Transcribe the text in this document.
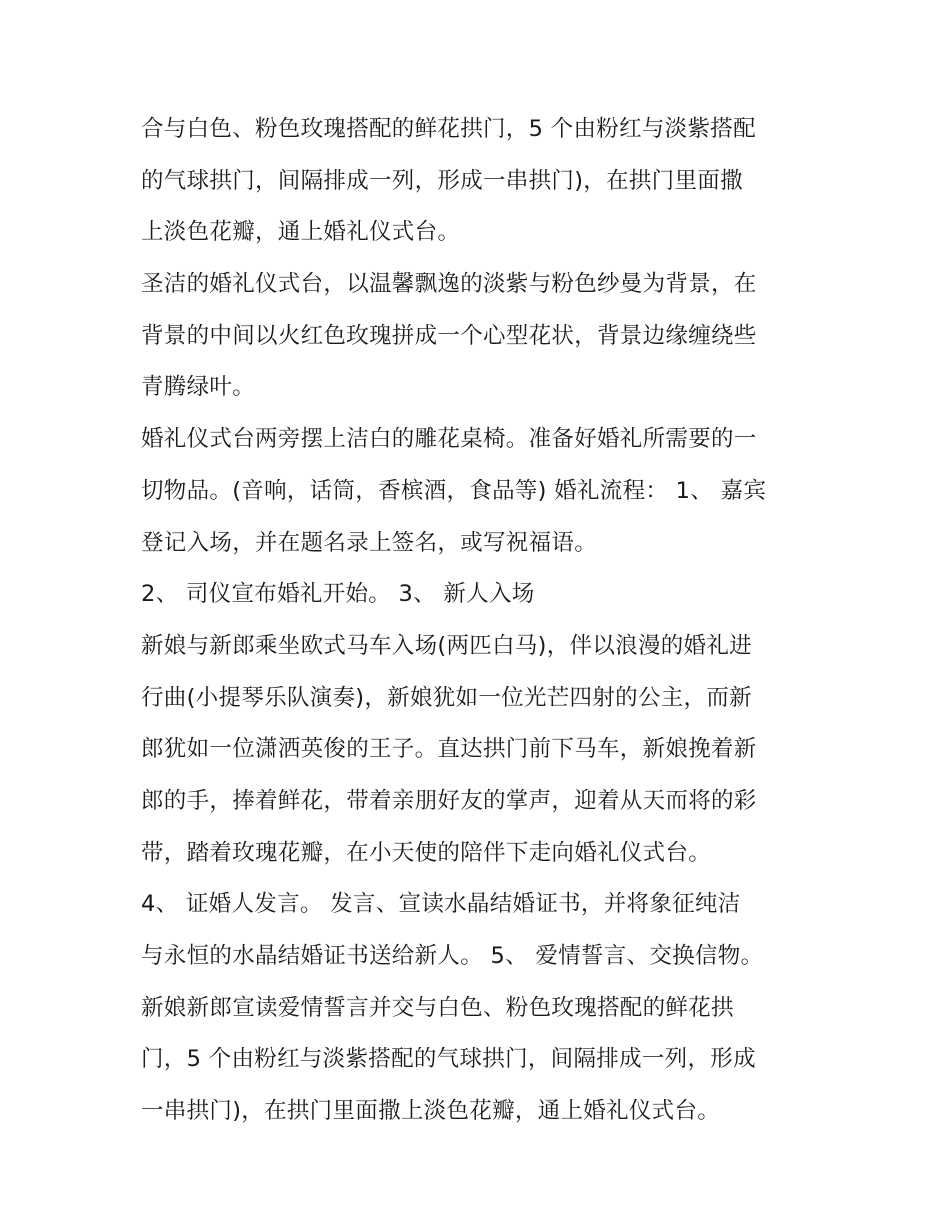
合与白色、粉色玫瑰搭配的鲜花拱门，5 个由粉红与淡紫搭配
的气球拱门，间隔排成一列，形成一串拱门)，在拱门里面撒
上淡色花瓣，通上婚礼仪式台。
圣洁的婚礼仪式台，以温馨飘逸的淡紫与粉色纱曼为背景，在
背景的中间以火红色玫瑰拼成一个心型花状，背景边缘缠绕些
青腾绿叶。
婚礼仪式台两旁摆上洁白的雕花桌椅。准备好婚礼所需要的一
切物品。(音响，话筒，香槟酒，食品等) 婚礼流程： 1、 嘉宾
登记入场，并在题名录上签名，或写祝福语。
2、 司仪宣布婚礼开始。 3、 新人入场
新娘与新郎乘坐欧式马车入场(两匹白马)，伴以浪漫的婚礼进
行曲(小提琴乐队演奏)，新娘犹如一位光芒四射的公主，而新
郎犹如一位潇洒英俊的王子。直达拱门前下马车，新娘挽着新
郎的手，捧着鲜花，带着亲朋好友的掌声，迎着从天而将的彩
带，踏着玫瑰花瓣，在小天使的陪伴下走向婚礼仪式台。
4、 证婚人发言。 发言、宣读水晶结婚证书，并将象征纯洁
与永恒的水晶结婚证书送给新人。 5、 爱情誓言、交换信物。
新娘新郎宣读爱情誓言并交与白色、粉色玫瑰搭配的鲜花拱
门，5 个由粉红与淡紫搭配的气球拱门，间隔排成一列，形成
一串拱门)，在拱门里面撒上淡色花瓣，通上婚礼仪式台。
